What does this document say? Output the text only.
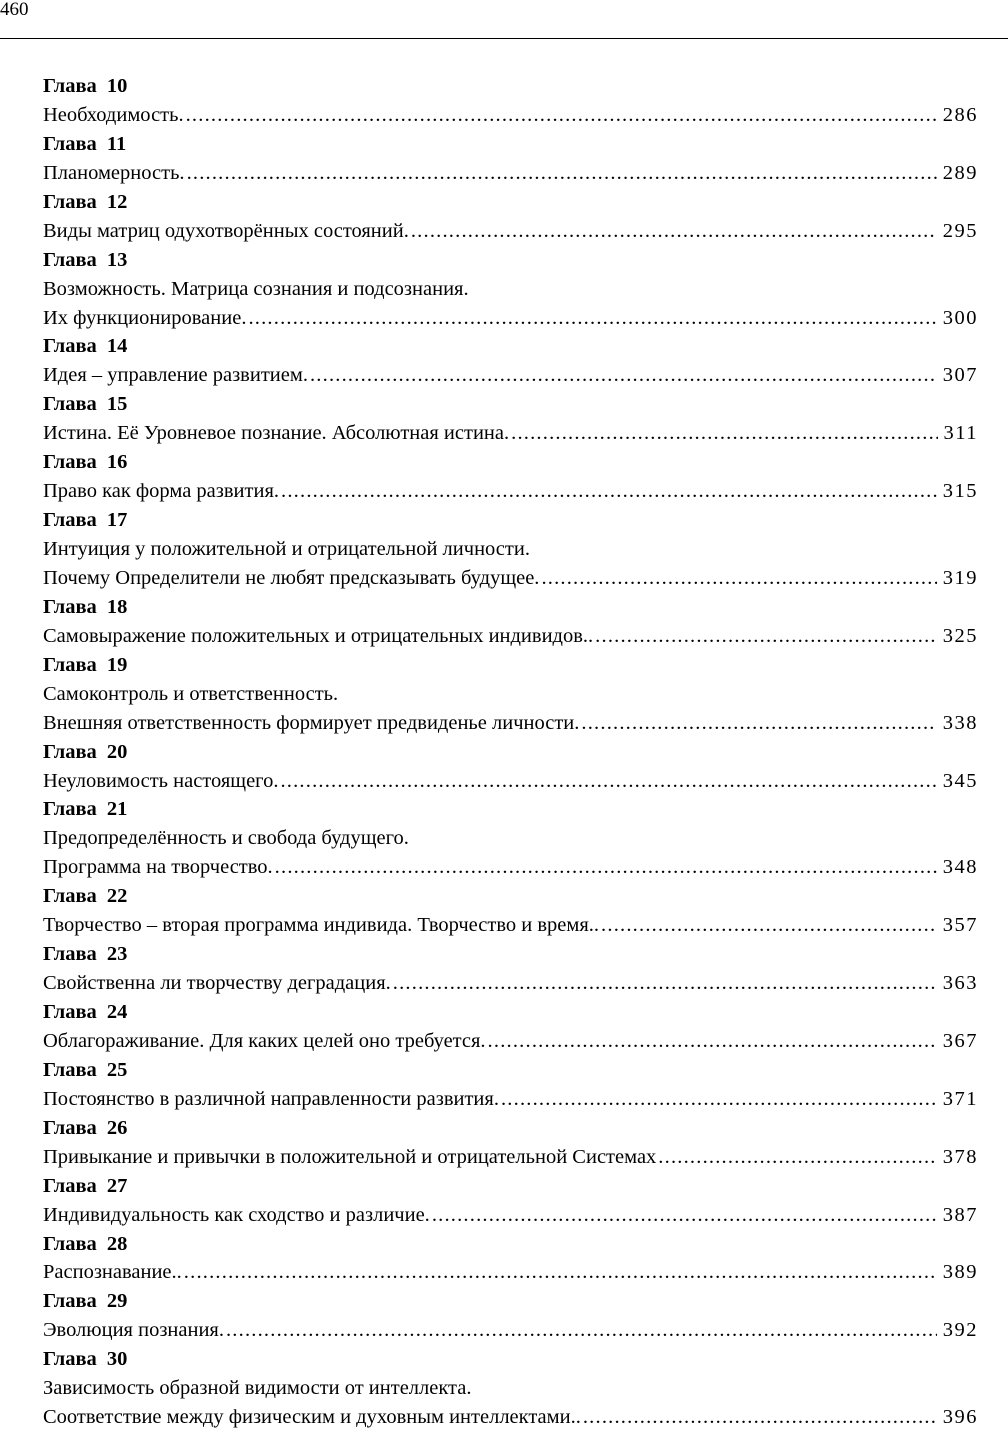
460
Глава 10
Необходимость. .....	286
Глава 11
Планомерность. .....	289
Глава 12
Виды матриц одухотворённых состояний. .....	295
Глава 13
Возможность. Матрица сознания и подсознания.
Их функционирование. .....	300
Глава 14
Идея – управление развитием. .....	307
Глава 15
Истина. Её Уровневое познание. Абсолютная истина. .....	311
Глава 16
Право как форма развития. .....	315
Глава 17
Интуиция у положительной и отрицательной личности.
Почему Определители не любят предсказывать будущее. .....	319
Глава 18
Самовыражение положительных и отрицательных индивидов.. .....	325
Глава 19
Самоконтроль и ответственность.
Внешняя ответственность формирует предвиденье личности. .....	338
Глава 20
Неуловимость настоящего. .....	345
Глава 21
Предопределённость и свобода будущего.
Программа на творчество. .....	348
Глава 22
Творчество – вторая программа индивида. Творчество и время.. .....	357
Глава 23
Свойственна ли творчеству деградация. .....	363
Глава 24
Облагораживание. Для каких целей оно требуется. .....	367
Глава 25
Постоянство в различной направленности развития. .....	371
Глава 26
Привыкание и привычки в положительной и отрицательной Системах .....	378
Глава 27
Индивидуальность как сходство и различие. .....	387
Глава 28
Распознавание.. .....	389
Глава 29
Эволюция познания. .....	392
Глава 30
Зависимость образной видимости от интеллекта.
Соответствие между физическим и духовным интеллектами.. .....	396
